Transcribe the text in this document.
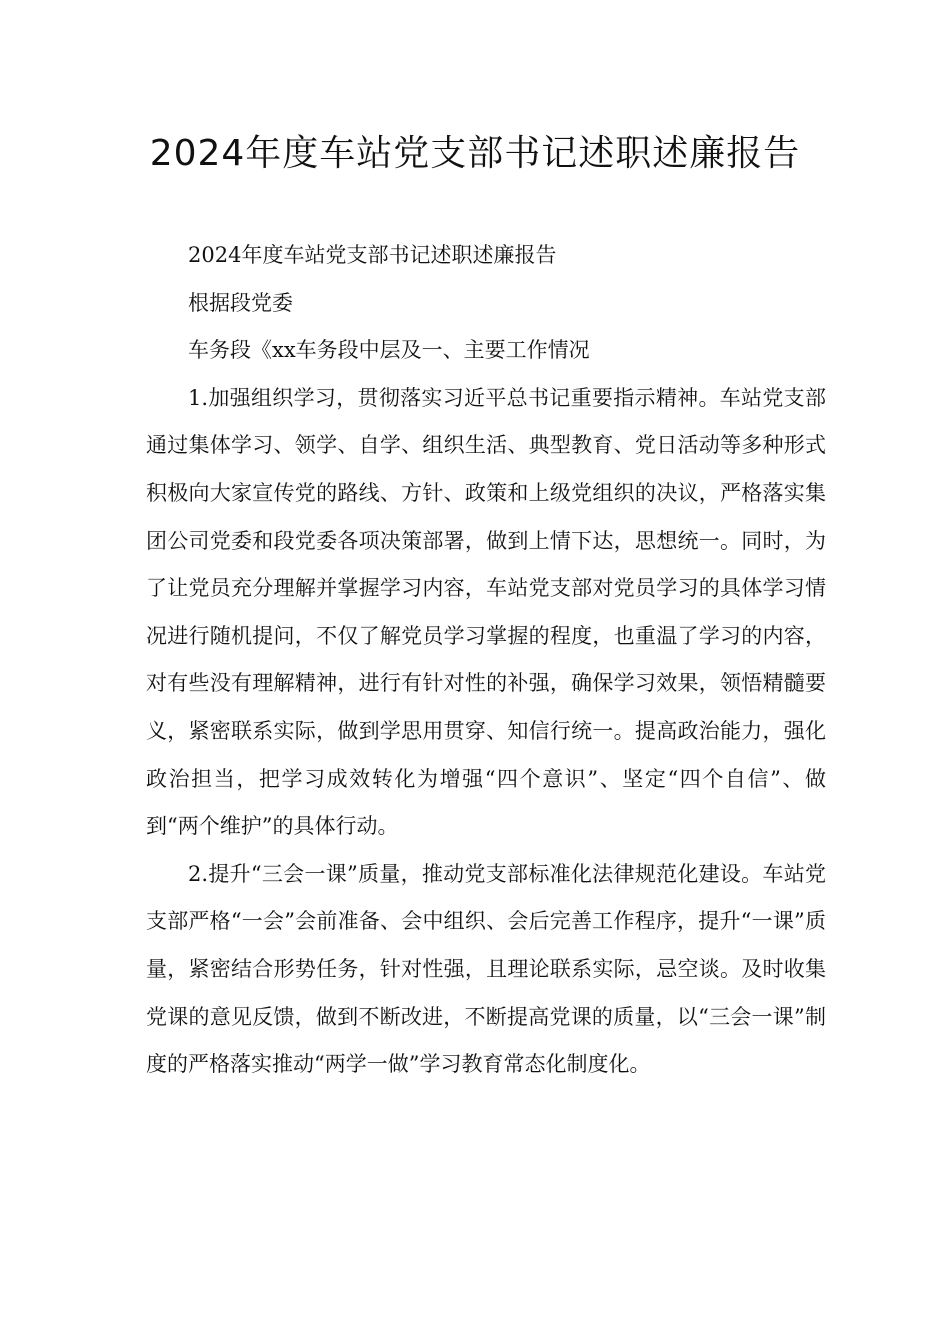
2024年度车站党支部书记述职述廉报告

2024年度车站党支部书记述职述廉报告

根据段党委

车务段《xx车务段中层及一、主要工作情况

1.加强组织学习，贯彻落实习近平总书记重要指示精神。车站党支部通过集体学习、领学、自学、组织生活、典型教育、党日活动等多种形式积极向大家宣传党的路线、方针、政策和上级党组织的决议，严格落实集团公司党委和段党委各项决策部署，做到上情下达，思想统一。同时，为了让党员充分理解并掌握学习内容，车站党支部对党员学习的具体学习情况进行随机提问，不仅了解党员学习掌握的程度，也重温了学习的内容，对有些没有理解精神，进行有针对性的补强，确保学习效果，领悟精髓要义，紧密联系实际，做到学思用贯穿、知信行统一。提高政治能力，强化政治担当，把学习成效转化为增强“四个意识”、坚定“四个自信”、做到“两个维护”的具体行动。

2.提升“三会一课”质量，推动党支部标准化法律规范化建设。车站党支部严格“一会”会前准备、会中组织、会后完善工作程序，提升“一课”质量，紧密结合形势任务，针对性强，且理论联系实际，忌空谈。及时收集党课的意见反馈，做到不断改进，不断提高党课的质量，以“三会一课”制度的严格落实推动“两学一做”学习教育常态化制度化。
